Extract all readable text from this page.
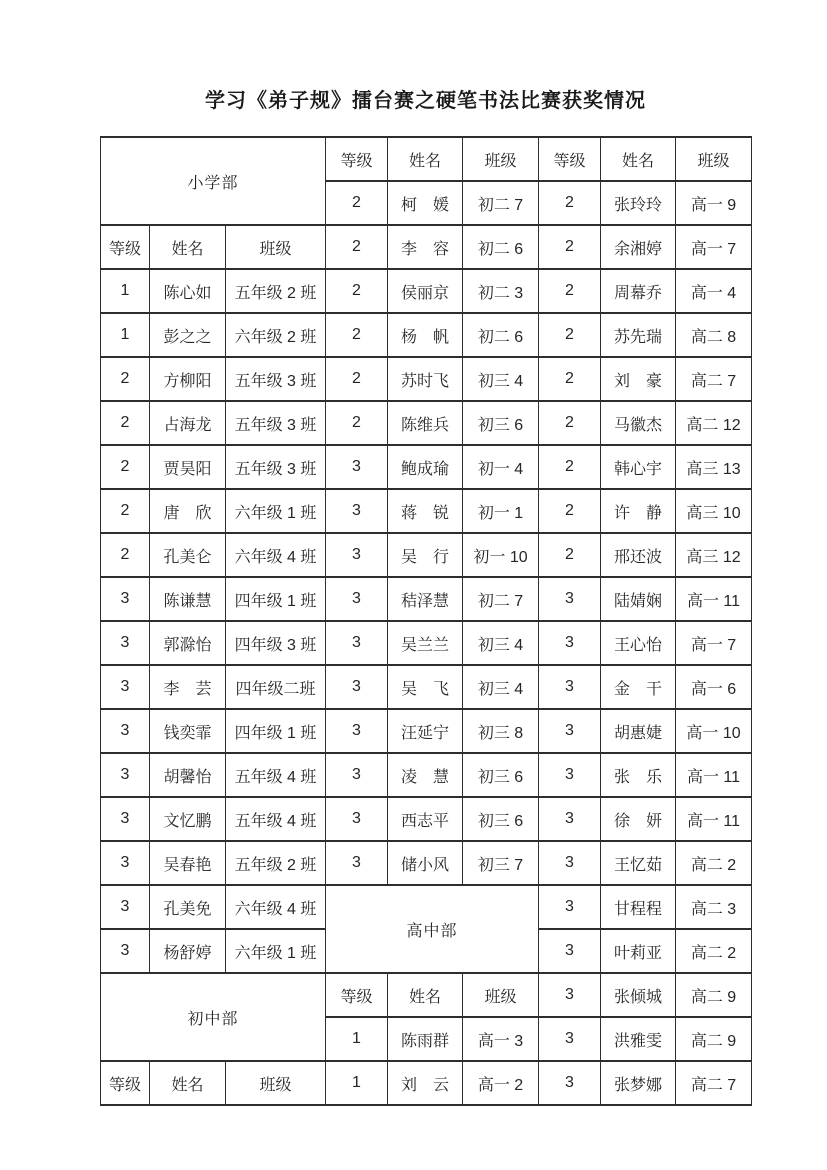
学习《弟子规》擂台赛之硬笔书法比赛获奖情况
小学部			等级	姓名	班级	等级	姓名	班级
			2	柯　媛	初二 7	2	张玲玲	高一 9
等级	姓名	班级	2	李　容	初二 6	2	余湘婷	高一 7
1	陈心如	五年级 2 班	2	侯丽京	初二 3	2	周幕乔	高一 4
1	彭之之	六年级 2 班	2	杨　帆	初二 6	2	苏先瑞	高二 8
2	方柳阳	五年级 3 班	2	苏时飞	初三 4	2	刘　豪	高二 7
2	占海龙	五年级 3 班	2	陈维兵	初三 6	2	马徽杰	高二 12
2	贾昊阳	五年级 3 班	3	鲍成瑜	初一 4	2	韩心宇	高三 13
2	唐　欣	六年级 1 班	3	蒋　锐	初一 1	2	许　静	高三 10
2	孔美仑	六年级 4 班	3	吴　行	初一 10	2	邢还波	高三 12
3	陈谦慧	四年级 1 班	3	秸泽慧	初二 7	3	陆婧娴	高一 11
3	郭滁怡	四年级 3 班	3	吴兰兰	初三 4	3	王心怡	高一 7
3	李　芸	四年级二班	3	吴　飞	初三 4	3	金　干	高一 6
3	钱奕霏	四年级 1 班	3	汪延宁	初三 8	3	胡惠婕	高一 10
3	胡馨怡	五年级 4 班	3	凌　慧	初三 6	3	张　乐	高一 11
3	文忆鹏	五年级 4 班	3	西志平	初三 6	3	徐　妍	高一 11
3	吴春艳	五年级 2 班	3	储小风	初三 7	3	王忆茹	高二 2
3	孔美免	六年级 4 班	高中部			3	甘程程	高二 3
3	杨舒婷	六年级 1 班				3	叶莉亚	高二 2
初中部			等级	姓名	班级	3	张倾城	高二 9
			1	陈雨群	高一 3	3	洪雅雯	高二 9
等级	姓名	班级	1	刘　云	高一 2	3	张梦娜	高二 7
